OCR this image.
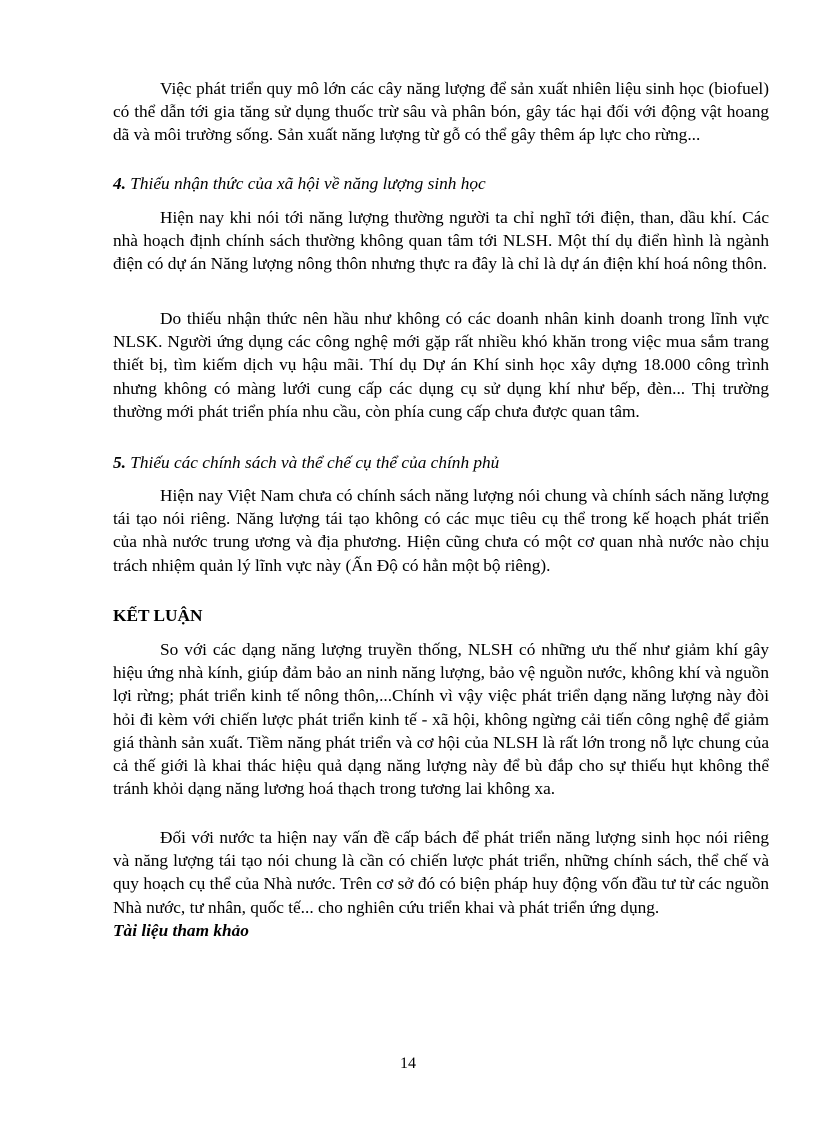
Việc phát triển quy mô lớn các cây năng lượng để sản xuất nhiên liệu sinh học (biofuel) có thể dẫn tới gia tăng sử dụng thuốc trừ sâu và phân bón, gây tác hại đối với động vật hoang dã và môi trường sống. Sản xuất năng lượng từ gỗ có thể gây thêm áp lực cho rừng...

4. Thiếu nhận thức của xã hội về năng lượng sinh học

Hiện nay khi nói tới năng lượng thường người ta chỉ nghĩ tới điện, than, dầu khí. Các nhà hoạch định chính sách thường không quan tâm tới NLSH. Một thí dụ điển hình là ngành điện có dự án Năng lượng nông thôn nhưng thực ra đây là chỉ là dự án điện khí hoá nông thôn.

Do thiếu nhận thức nên hầu như không có các doanh nhân kinh doanh trong lĩnh vực NLSK. Người ứng dụng các công nghệ mới gặp rất nhiều khó khăn trong việc mua sắm trang thiết bị, tìm kiếm dịch vụ hậu mãi. Thí dụ Dự án Khí sinh học xây dựng 18.000 công trình nhưng không có màng lưới cung cấp các dụng cụ sử dụng khí như bếp, đèn... Thị trường thường mới phát triển phía nhu cầu, còn phía cung cấp chưa được quan tâm.

5. Thiếu các chính sách và thể chế cụ thể của chính phủ

Hiện nay Việt Nam chưa có chính sách năng lượng nói chung và chính sách năng lượng tái tạo nói riêng. Năng lượng tái tạo không có các mục tiêu cụ thể trong kế hoạch phát triển của nhà nước trung ương và địa phương. Hiện cũng chưa có một cơ quan nhà nước nào chịu trách nhiệm quản lý lĩnh vực này (Ấn Độ có hẳn một bộ riêng).

KẾT LUẬN

So với các dạng năng lượng truyền thống, NLSH có những ưu thế như giảm khí gây hiệu ứng nhà kính, giúp đảm bảo an ninh năng lượng, bảo vệ nguồn nước, không khí và nguồn lợi rừng; phát triển kinh tế nông thôn,...Chính vì vậy việc phát triển dạng năng lượng này đòi hỏi đi kèm với chiến lược phát triển kinh tế - xã hội, không ngừng cải tiến công nghệ để giảm giá thành sản xuất. Tiềm năng phát triển và cơ hội của NLSH là rất lớn trong nỗ lực chung của cả thế giới là khai thác hiệu quả dạng năng lượng này để bù đắp cho sự thiếu hụt không thể tránh khỏi dạng năng lương hoá thạch trong tương lai không xa.

Đối với nước ta hiện nay vấn đề cấp bách để phát triển năng lượng sinh học nói riêng và năng lượng tái tạo nói chung là cần có chiến lược phát triển, những chính sách, thể chế và quy hoạch cụ thể của Nhà nước. Trên cơ sở đó có biện pháp huy động vốn đầu tư từ các nguồn Nhà nước, tư nhân, quốc tế... cho nghiên cứu triển khai và phát triển ứng dụng.

Tài liệu tham khảo

14
